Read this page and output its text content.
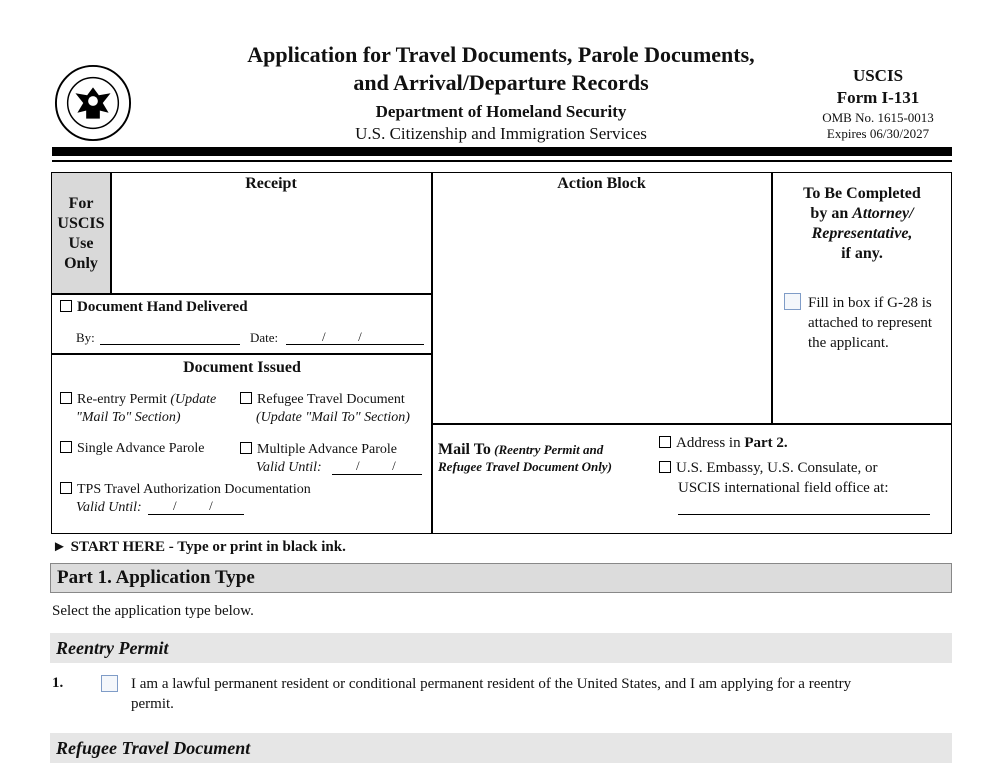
Application for Travel Documents, Parole Documents,
and Arrival/Departure Records
Department of Homeland Security
U.S. Citizenship and Immigration Services
USCIS
Form I-131
OMB No. 1615-0013
Expires 06/30/2027
For
USCIS
Use
Only
Receipt	Action Block
To Be Completed
by an Attorney/
Representative,
if any.
Fill in box if G-28 is
attached to represent
the applicant.
Document Hand Delivered
By:	Date:	/          /
Document Issued
Re-entry Permit (Update
"Mail To" Section)
Refugee Travel Document
(Update "Mail To" Section)
Single Advance Parole	Multiple Advance Parole
Valid Until:	/          /
TPS Travel Authorization Documentation
Valid Until:	/          /
Mail To (Reentry Permit and
Refugee Travel Document Only)
Address in Part 2.
U.S. Embassy, U.S. Consulate, or
USCIS international field office at:
► START HERE - Type or print in black ink.
Part 1. Application Type
Select the application type below.
Reentry Permit
1.	I am a lawful permanent resident or conditional permanent resident of the United States, and I am applying for a reentry
permit.
Refugee Travel Document
